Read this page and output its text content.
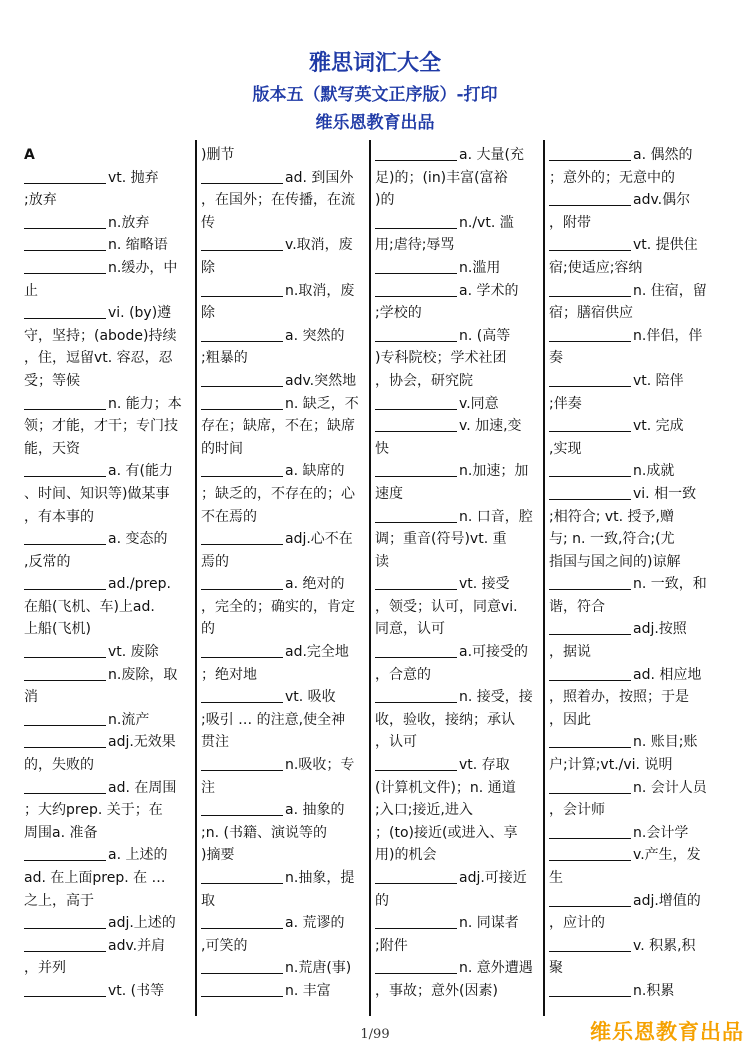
雅思词汇大全
版本五（默写英文正序版）-打印
维乐恩教育出品
A
vt. 抛弃
;放弃
n.放弃
n. 缩略语
n.缓办，中
止
vi. (by)遵
守，坚持；(abode)持续
，住，逗留vt. 容忍，忍
受；等候
n. 能力；本
领；才能，才干；专门技
能，天资
a. 有(能力
、时间、知识等)做某事
，有本事的
a. 变态的
,反常的
ad./prep.
在船(飞机、车)上ad.
上船(飞机)
vt. 废除
n.废除，取
消
n.流产
adj.无效果
的，失败的
ad. 在周围
；大约prep. 关于；在
周围a. 准备
a. 上述的
ad. 在上面prep. 在 …
之上，高于
adj.上述的
adv.并肩
，并列
vt. (书等
)删节
ad. 到国外
，在国外；在传播，在流
传
v.取消，废
除
n.取消，废
除
a. 突然的
;粗暴的
adv.突然地
n. 缺乏，不
存在；缺席，不在；缺席
的时间
a. 缺席的
；缺乏的，不存在的；心
不在焉的
adj.心不在
焉的
a. 绝对的
，完全的；确实的，肯定
的
ad.完全地
；绝对地
vt. 吸收
;吸引 … 的注意,使全神
贯注
n.吸收；专
注
a. 抽象的
;n. (书籍、演说等的
)摘要
n.抽象，提
取
a. 荒谬的
,可笑的
n.荒唐(事)
n. 丰富
a. 大量(充
足)的；(in)丰富(富裕
)的
n./vt. 滥
用;虐待;辱骂
n.滥用
a. 学术的
;学校的
n. (高等
)专科院校；学术社团
，协会，研究院
v.同意
v. 加速,变
快
n.加速；加
速度
n. 口音，腔
调；重音(符号)vt. 重
读
vt. 接受
，领受；认可，同意vi.
同意，认可
a.可接受的
，合意的
n. 接受，接
收，验收，接纳；承认
，认可
vt. 存取
(计算机文件)；n. 通道
;入口;接近,进入
；(to)接近(或进入、享
用)的机会
adj.可接近
的
n. 同谋者
;附件
n. 意外遭遇
，事故；意外(因素)
a. 偶然的
；意外的；无意中的
adv.偶尔
，附带
vt. 提供住
宿;使适应;容纳
n. 住宿，留
宿；膳宿供应
n.伴侣，伴
奏
vt. 陪伴
;伴奏
vt. 完成
,实现
n.成就
vi. 相一致
;相符合; vt. 授予,赠
与; n. 一致,符合;(尤
指国与国之间的)谅解
n. 一致，和
谐，符合
adj.按照
，据说
ad. 相应地
，照着办，按照；于是
，因此
n. 账目;账
户;计算;vt./vi. 说明
n. 会计人员
，会计师
n.会计学
v.产生，发
生
adj.增值的
，应计的
v. 积累,积
聚
n.积累
1/99	维乐恩教育出品
